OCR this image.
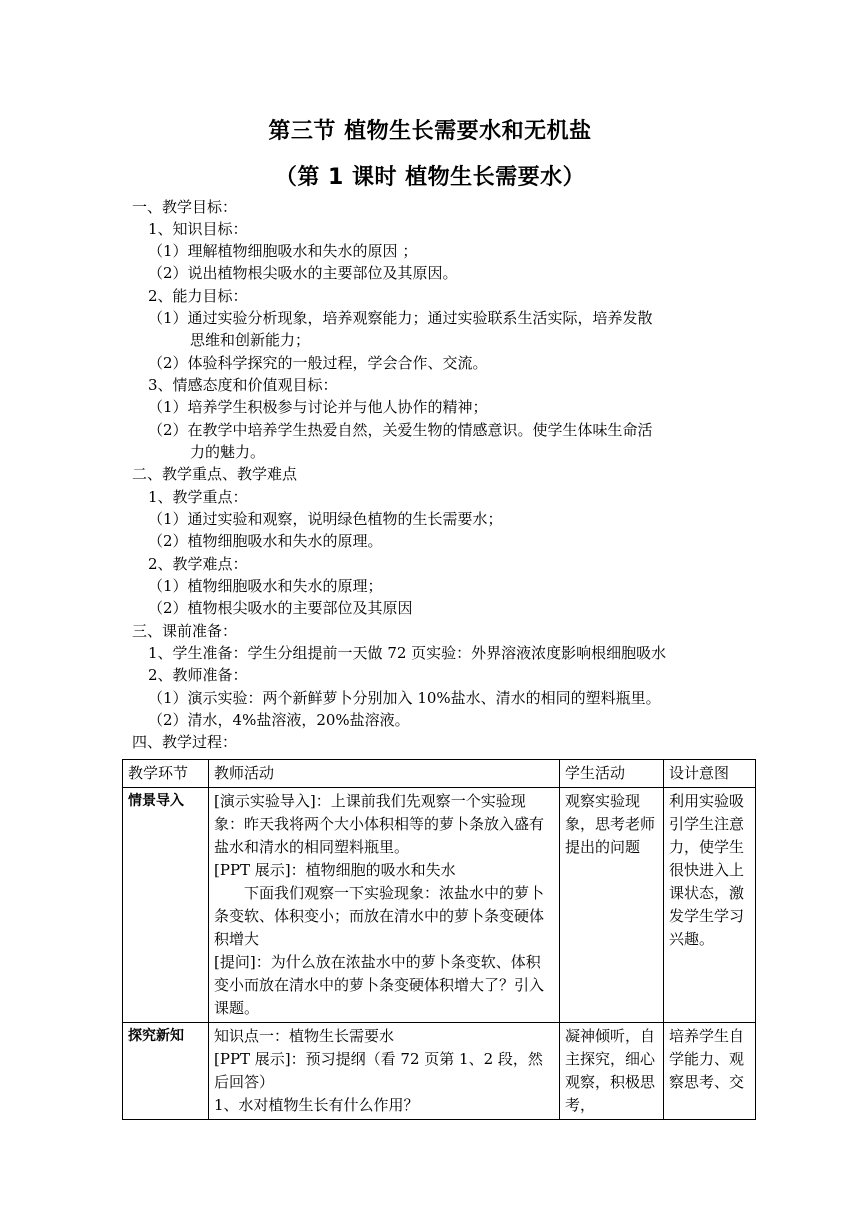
第三节 植物生长需要水和无机盐
（第 1 课时 植物生长需要水）
一、教学目标：
1、知识目标：
（1）理解植物细胞吸水和失水的原因 ；
（2）说出植物根尖吸水的主要部位及其原因。
2、能力目标：
（1）通过实验分析现象，培养观察能力；通过实验联系生活实际，培养发散
思维和创新能力；
（2）体验科学探究的一般过程，学会合作、交流。
3、情感态度和价值观目标：
（1）培养学生积极参与讨论并与他人协作的精神；
（2）在教学中培养学生热爱自然，关爱生物的情感意识。使学生体味生命活
力的魅力。
二、教学重点、教学难点
1、教学重点：
（1）通过实验和观察，说明绿色植物的生长需要水；
（2）植物细胞吸水和失水的原理。
2、教学难点：
（1）植物细胞吸水和失水的原理；
（2）植物根尖吸水的主要部位及其原因
三、课前准备：
1、学生准备：学生分组提前一天做 72 页实验：外界溶液浓度影响根细胞吸水
2、教师准备：
（1）演示实验：两个新鲜萝卜分别加入 10%盐水、清水的相同的塑料瓶里。
（2）清水，4%盐溶液，20%盐溶液。
四、教学过程：
教学环节	教师活动	学生活动	设计意图
情景导入	[演示实验导入]：上课前我们先观察一个实验现象：昨天我将两个大小体积相等的萝卜条放入盛有盐水和清水的相同塑料瓶里。
[PPT 展示]：植物细胞的吸水和失水
下面我们观察一下实验现象：浓盐水中的萝卜条变软、体积变小；而放在清水中的萝卜条变硬体积增大
[提问]：为什么放在浓盐水中的萝卜条变软、体积变小而放在清水中的萝卜条变硬体积增大了？引入课题。	观察实验现象，思考老师提出的问题	利用实验吸引学生注意力，使学生很快进入上课状态，激发学生学习兴趣。
探究新知	知识点一：植物生长需要水
[PPT 展示]：预习提纲（看 72 页第 1、2 段，然后回答）
1、水对植物生长有什么作用？	凝神倾听，自主探究，细心观察，积极思考，	培养学生自学能力、观察思考、交
